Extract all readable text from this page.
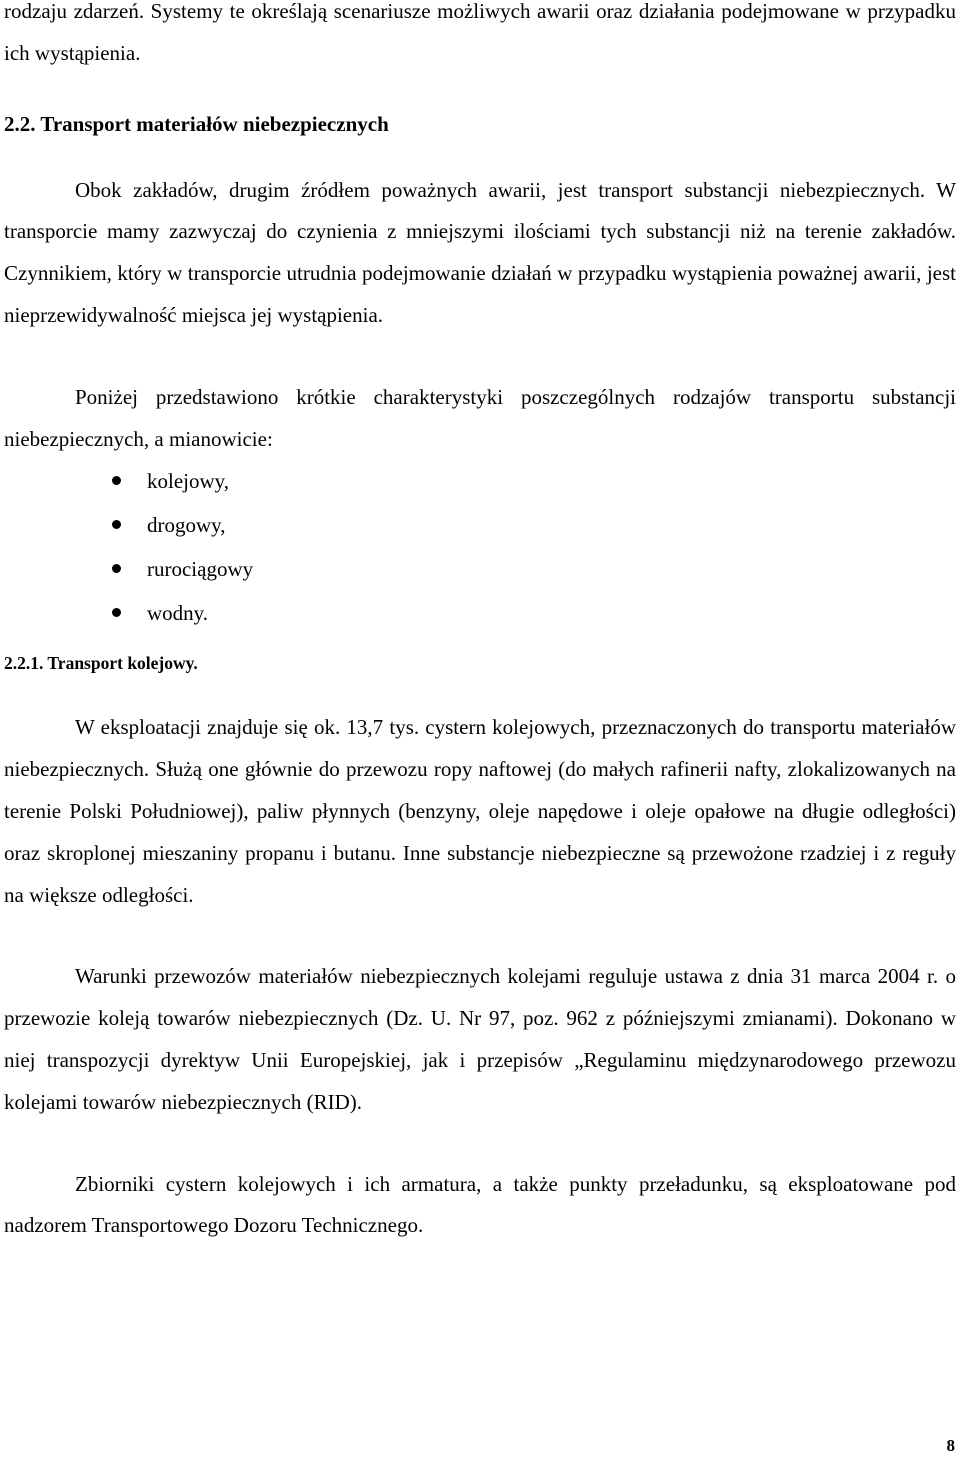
rodzaju zdarzeń. Systemy te określają scenariusze możliwych awarii oraz działania podejmowane w przypadku ich wystąpienia.

2.2. Transport materiałów niebezpiecznych

Obok zakładów, drugim źródłem poważnych awarii, jest transport substancji niebezpiecznych. W transporcie mamy zazwyczaj do czynienia z mniejszymi ilościami tych substancji niż na terenie zakładów. Czynnikiem, który w transporcie utrudnia podejmowanie działań w przypadku wystąpienia poważnej awarii, jest nieprzewidywalność miejsca jej wystąpienia.

Poniżej przedstawiono krótkie charakterystyki poszczególnych rodzajów transportu substancji niebezpiecznych, a mianowicie:

kolejowy,
drogowy,
rurociągowy
wodny.

2.2.1. Transport kolejowy.

W eksploatacji znajduje się ok. 13,7 tys. cystern kolejowych, przeznaczonych do transportu materiałów niebezpiecznych. Służą one głównie do przewozu ropy naftowej (do małych rafinerii nafty, zlokalizowanych na terenie Polski Południowej), paliw płynnych (benzyny, oleje napędowe i oleje opałowe na długie odległości) oraz skroplonej mieszaniny propanu i butanu. Inne substancje niebezpieczne są przewożone rzadziej i z reguły na większe odległości.

Warunki przewozów materiałów niebezpiecznych kolejami reguluje ustawa z dnia 31 marca 2004 r. o przewozie koleją towarów niebezpiecznych (Dz. U. Nr 97, poz. 962 z późniejszymi zmianami). Dokonano w niej transpozycji dyrektyw Unii Europejskiej, jak i przepisów „Regulaminu międzynarodowego przewozu kolejami towarów niebezpiecznych (RID).

Zbiorniki cystern kolejowych i ich armatura, a także punkty przeładunku, są eksploatowane pod nadzorem Transportowego Dozoru Technicznego.

8
